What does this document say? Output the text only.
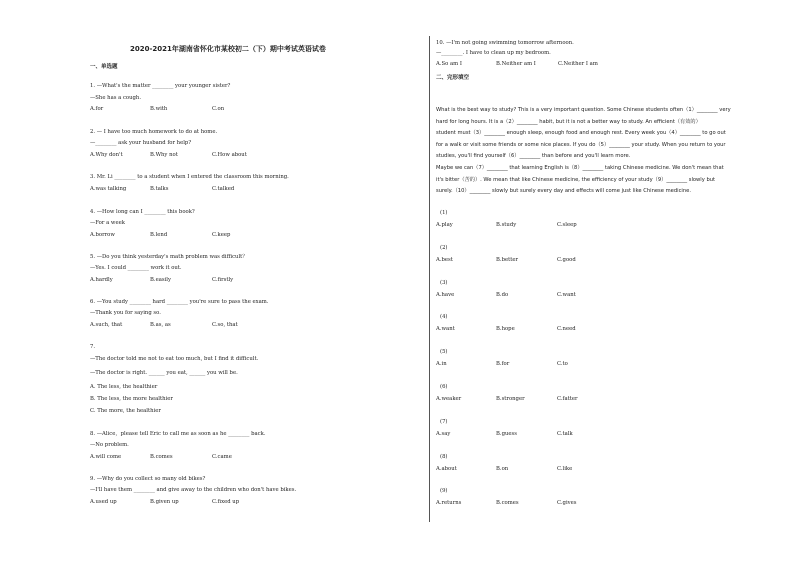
2020-2021年湖南省怀化市某校初二（下）期中考试英语试卷
一、单选题
1. —What's the matter ________ your younger sister?
—She has a cough.
A.for	B.with	C.on
2. — I have too much homework to do at home.
—________ ask your husband for help?
A.Why don't	B.Why not	C.How about
3. Mr. Li ________ to a student when I entered the classroom this morning.
A.was talking	B.talks	C.talked
4. —How long can I ________ this book?
—For a week
A.borrow	B.lend	C.keep
5. —Do you think yesterday's math problem was difficult？
—Yes. I could ________ work it out.
A.hardly	B.easily	C.firstly
6. —You study ________ hard ________ you're sure to pass the exam.
—Thank you for saying so.
A.such, that	B.as, as	C.so, that
7.
—The doctor told me not to eat too much, but I find it difficult.
—The doctor is right. ______ you eat, ______ you will be.
A. The less, the healthier
B. The less, the more healthier
C. The more, the healthier
8. —Alice，please tell Eric to call me as soon as he ________ back.
—No problem.
A.will come	B.comes	C.came
9. —Why do you collect so many old bikes?
—I'll have them ________ and give away to the children who don't have bikes.
A.used up	B.given up	C.fixed up
10. —I'm not going swimming tomorrow afternoon.
—________. I have to clean up my bedroom.
A.So am I	B.Neither am I	C.Neither I am
二、完形填空
What is the best way to study? This is a very important question. Some Chinese students often（1）________ very
hard for long hours. It is a（2）________ habit, but it is not a better way to study. An efficient（有效的）
student must（3）________ enough sleep, enough food and enough rest. Every week you（4）________ to go out
for a walk or visit some friends or some nice places. If you do（5）________ your study. When you return to your
studies, you'll find yourself（6）________ than before and you'll learn more.
Maybe we can（7）________ that learning English is（8）________ taking Chinese medicine. We don't mean that
it's bitter（苦的）. We mean that like Chinese medicine, the efficiency of your study（9）________ slowly but
surely.（10）________ slowly but surely every day and effects will come just like Chinese medicine.
(1)
A.play	B.study	C.sleep
(2)
A.best	B.better	C.good
(3)
A.have	B.do	C.want
(4)
A.want	B.hope	C.need
(5)
A.in	B.for	C.to
(6)
A.weaker	B.stronger	C.fatter
(7)
A.say	B.guess	C.talk
(8)
A.about	B.on	C.like
(9)
A.returns	B.comes	C.gives
